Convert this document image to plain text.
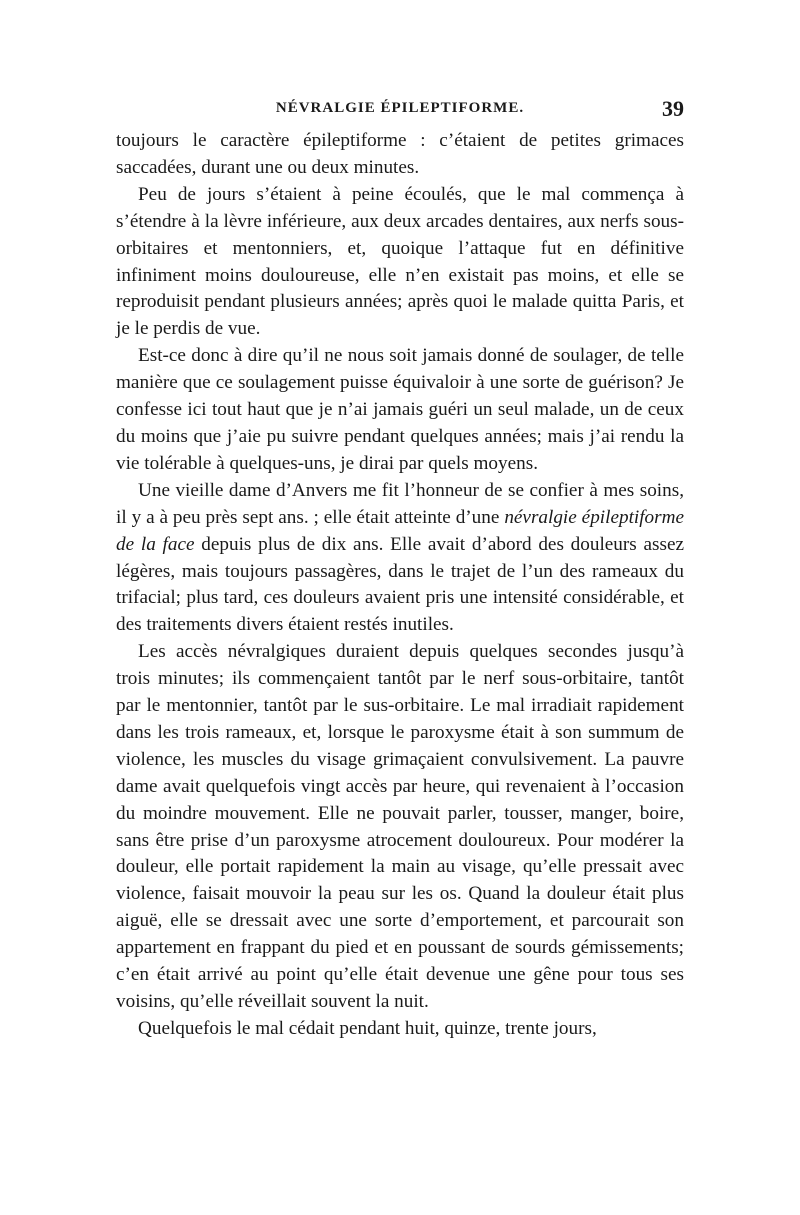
NÉVRALGIE ÉPILEPTIFORME.	39

toujours le caractère épileptiforme : c’étaient de petites grimaces saccadées, durant une ou deux minutes.

Peu de jours s’étaient à peine écoulés, que le mal commença à s’étendre à la lèvre inférieure, aux deux arcades dentaires, aux nerfs sous-orbitaires et mentonniers, et, quoique l’attaque fut en définitive infiniment moins douloureuse, elle n’en existait pas moins, et elle se reproduisit pendant plusieurs années; après quoi le malade quitta Paris, et je le perdis de vue.

Est-ce donc à dire qu’il ne nous soit jamais donné de soulager, de telle manière que ce soulagement puisse équivaloir à une sorte de guérison? Je confesse ici tout haut que je n’ai jamais guéri un seul malade, un de ceux du moins que j’aie pu suivre pendant quelques années; mais j’ai rendu la vie tolérable à quelques-uns, je dirai par quels moyens.

Une vieille dame d’Anvers me fit l’honneur de se confier à mes soins, il y a à peu près sept ans. ; elle était atteinte d’une névralgie épileptiforme de la face depuis plus de dix ans. Elle avait d’abord des douleurs assez légères, mais toujours passagères, dans le trajet de l’un des rameaux du trifacial; plus tard, ces douleurs avaient pris une intensité considérable, et des traitements divers étaient restés inutiles.

Les accès névralgiques duraient depuis quelques secondes jusqu’à trois minutes; ils commençaient tantôt par le nerf sous-orbitaire, tantôt par le mentonnier, tantôt par le sus-orbitaire. Le mal irradiait rapidement dans les trois rameaux, et, lorsque le paroxysme était à son summum de violence, les muscles du visage grimaçaient convulsivement. La pauvre dame avait quelquefois vingt accès par heure, qui revenaient à l’occasion du moindre mouvement. Elle ne pouvait parler, tousser, manger, boire, sans être prise d’un paroxysme atrocement douloureux. Pour modérer la douleur, elle portait rapidement la main au visage, qu’elle pressait avec violence, faisait mouvoir la peau sur les os. Quand la douleur était plus aiguë, elle se dressait avec une sorte d’emportement, et parcourait son appartement en frappant du pied et en poussant de sourds gémissements; c’en était arrivé au point qu’elle était devenue une gêne pour tous ses voisins, qu’elle réveillait souvent la nuit.

Quelquefois le mal cédait pendant huit, quinze, trente jours,
